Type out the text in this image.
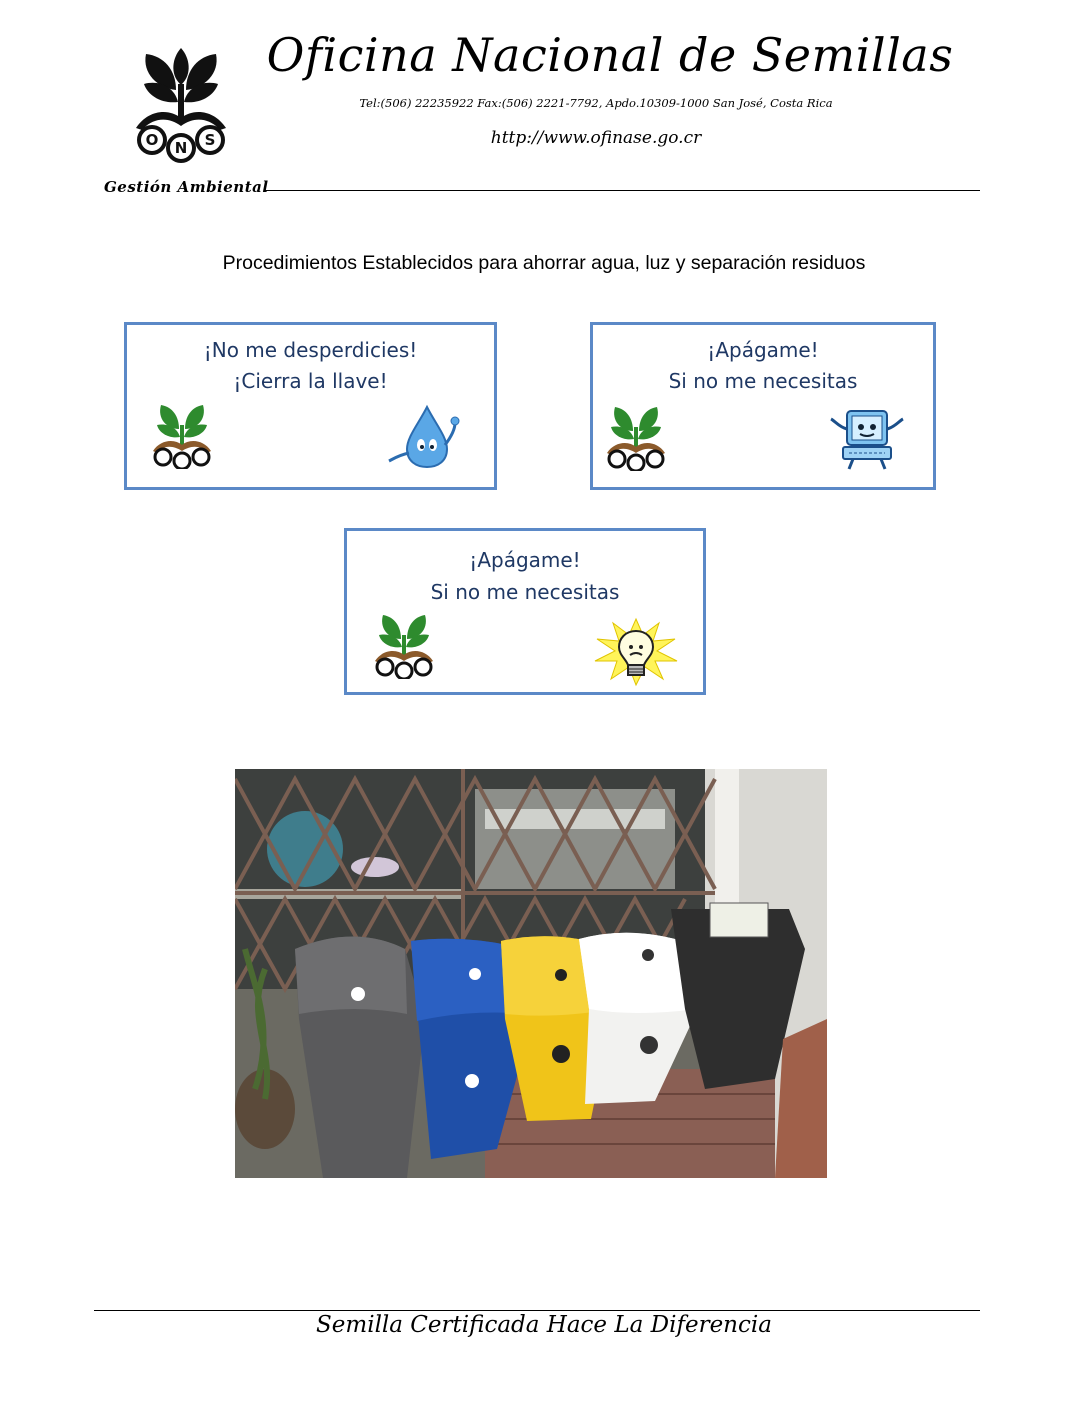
O N S
Gestión Ambiental
Oficina Nacional de Semillas
Tel:(506) 22235922 Fax:(506) 2221-7792, Apdo.10309-1000 San José, Costa Rica
http://www.ofinase.go.cr
Procedimientos Establecidos para ahorrar agua, luz y separación residuos
¡No me desperdicies!
¡Cierra la llave!
¡Apágame!
Si no me necesitas
¡Apágame!
Si no me necesitas
Semilla Certificada Hace La Diferencia
